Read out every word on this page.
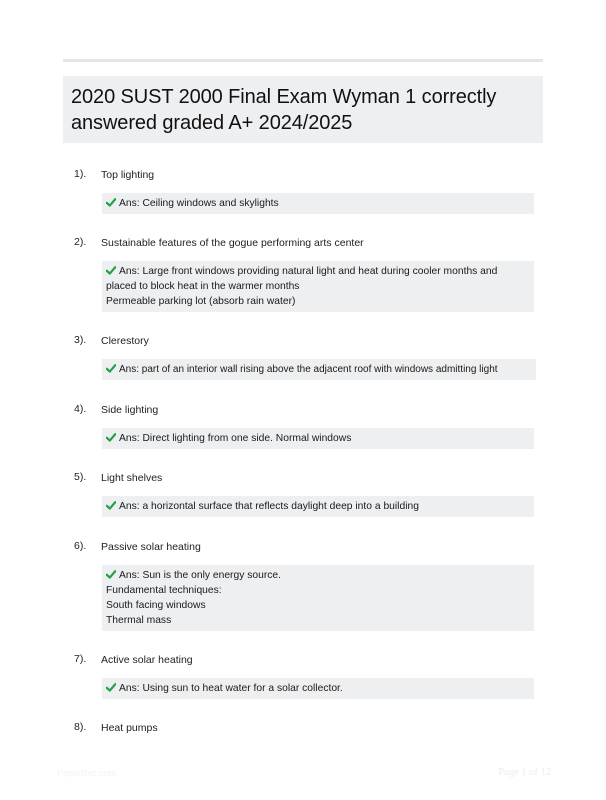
2020 SUST 2000 Final Exam Wyman 1 correctly answered graded A+ 2024/2025
1). Top lighting
Ans: Ceiling windows and skylights
2). Sustainable features of the gogue performing arts center
Ans: Large front windows providing natural light and heat during cooler months and
placed to block heat in the warmer months
Permeable parking lot (absorb rain water)
3). Clerestory
Ans: part of an interior wall rising above the adjacent roof with windows admitting light
4). Side lighting
Ans: Direct lighting from one side. Normal windows
5). Light shelves
Ans: a horizontal surface that reflects daylight deep into a building
6). Passive solar heating
Ans: Sun is the only energy source.
Fundamental techniques:
South facing windows
Thermal mass
7). Active solar heating
Ans: Using sun to heat water for a solar collector.
8). Heat pumps
Paperlibic.com	Page 1 of 12
